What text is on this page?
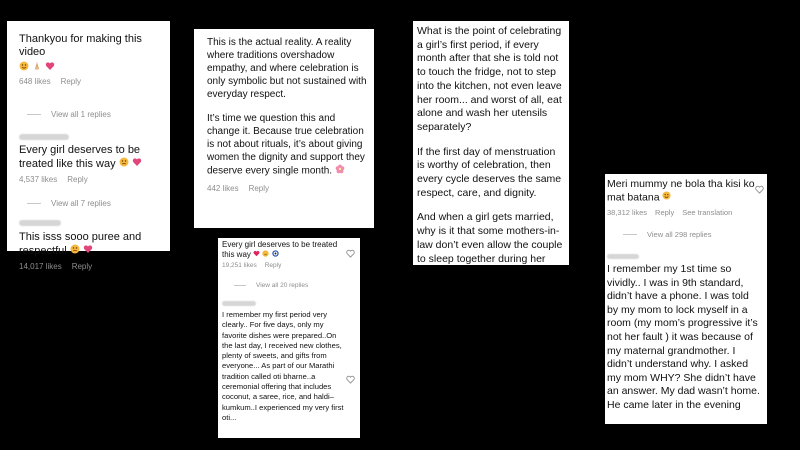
Thankyou for making this video

648 likes Reply
View all 1 replies

Every girl deserves to be treated like this way

4,537 likes Reply
View all 7 replies

This isss sooo puree and respectful

14,017 likes Reply

This is the actual reality. A reality where traditions overshadow empathy, and where celebration is only symbolic but not sustained with everyday respect.

It’s time we question this and change it. Because true celebration is not about rituals, it’s about giving women the dignity and support they deserve every single month.

442 likes Reply

What is the point of celebrating a girl’s first period, if every month after that she is told not to touch the fridge, not to step into the kitchen, not even leave her room... and worst of all, eat alone and wash her utensils separately?

If the first day of menstruation is worthy of celebration, then every cycle deserves the same respect, care, and dignity.

And when a girl gets married, why is it that some mothers-in-law don’t even allow the couple to sleep together during her

Every girl deserves to be treated this way

19,251 likes Reply
View all 20 replies

I remember my first period very clearly.. For five days, only my favorite dishes were prepared..On the last day, I received new clothes, plenty of sweets, and gifts from everyone... As part of our Marathi tradition called oti bharne..a ceremonial offering that includes coconut, a saree, rice, and haldi–kumkum..I experienced my very first oti...

Meri mummy ne bola tha kisi ko mat batana

38,312 likes Reply See translation
View all 298 replies

I remember my 1st time so vividly.. I was in 9th standard, didn’t have a phone. I was told by my mom to lock myself in a room (my mom’s progressive it’s not her fault ) it was because of my maternal grandmother. I didn’t understand why. I asked my mom WHY? She didn’t have an answer. My dad wasn’t home. He came later in the evening
